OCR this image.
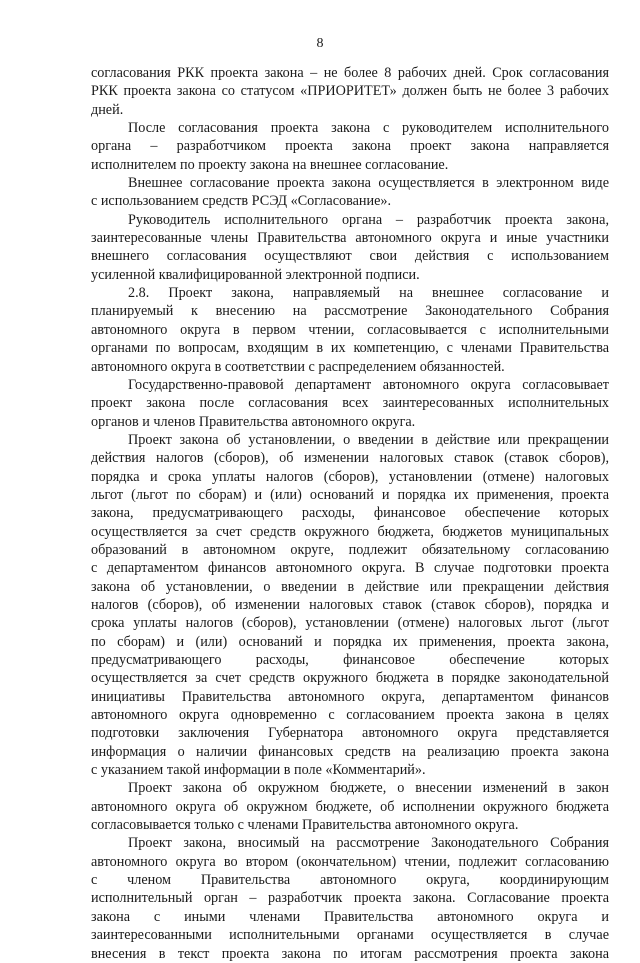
8
согласования РКК проекта закона – не более 8 рабочих дней. Срок согласования
РКК проекта закона со статусом «ПРИОРИТЕТ» должен быть не более 3 рабочих
дней.
После согласования проекта закона с руководителем исполнительного
органа – разработчиком проекта закона проект закона направляется
исполнителем по проекту закона на внешнее согласование.
Внешнее согласование проекта закона осуществляется в электронном виде
с использованием средств РСЭД «Согласование».
Руководитель исполнительного органа – разработчик проекта закона,
заинтересованные члены Правительства автономного округа и иные участники
внешнего согласования осуществляют свои действия с использованием
усиленной квалифицированной электронной подписи.
2.8. Проект закона, направляемый на внешнее согласование и
планируемый к внесению на рассмотрение Законодательного Собрания
автономного округа в первом чтении, согласовывается с исполнительными
органами по вопросам, входящим в их компетенцию, с членами Правительства
автономного округа в соответствии с распределением обязанностей.
Государственно-правовой департамент автономного округа согласовывает
проект закона после согласования всех заинтересованных исполнительных
органов и членов Правительства автономного округа.
Проект закона об установлении, о введении в действие или прекращении
действия налогов (сборов), об изменении налоговых ставок (ставок сборов),
порядка и срока уплаты налогов (сборов), установлении (отмене) налоговых
льгот (льгот по сборам) и (или) оснований и порядка их применения, проекта
закона, предусматривающего расходы, финансовое обеспечение которых
осуществляется за счет средств окружного бюджета, бюджетов муниципальных
образований в автономном округе, подлежит обязательному согласованию
с департаментом финансов автономного округа. В случае подготовки проекта
закона об установлении, о введении в действие или прекращении действия
налогов (сборов), об изменении налоговых ставок (ставок сборов), порядка и
срока уплаты налогов (сборов), установлении (отмене) налоговых льгот (льгот
по сборам) и (или) оснований и порядка их применения, проекта закона,
предусматривающего расходы, финансовое обеспечение которых
осуществляется за счет средств окружного бюджета в порядке законодательной
инициативы Правительства автономного округа, департаментом финансов
автономного округа одновременно с согласованием проекта закона в целях
подготовки заключения Губернатора автономного округа представляется
информация о наличии финансовых средств на реализацию проекта закона
с указанием такой информации в поле «Комментарий».
Проект закона об окружном бюджете, о внесении изменений в закон
автономного округа об окружном бюджете, об исполнении окружного бюджета
согласовывается только с членами Правительства автономного округа.
Проект закона, вносимый на рассмотрение Законодательного Собрания
автономного округа во втором (окончательном) чтении, подлежит согласованию
с членом Правительства автономного округа, координирующим
исполнительный орган – разработчик проекта закона. Согласование проекта
закона с иными членами Правительства автономного округа и
заинтересованными исполнительными органами осуществляется в случае
внесения в текст проекта закона по итогам рассмотрения проекта закона
